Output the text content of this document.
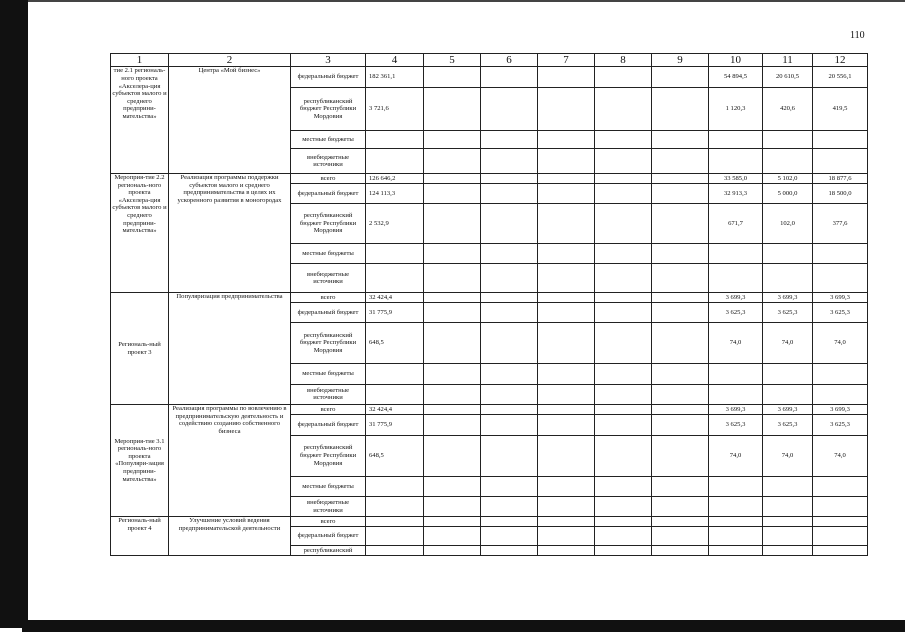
110
1	2	3	4	5	6	7	8	9	10	11	12
тие 2.1 региональ-ного проекта «Акселера-ция субъектов малого и среднего предприни-мательства»	Центра «Мой бизнес»	федеральный бюджет	182 361,1						54 894,5	20 610,5	20 556,1
		республиканский бюджет Республики Мордовия	3 721,6						1 120,3	420,6	419,5
		местные бюджеты									
		внебюджетные источники									
Мероприя-тие 2.2 региональ-ного проекта «Акселера-ция субъектов малого и среднего предприни-мательства»	Реализация программы поддержки субъектов малого и среднего предпринимательства в целях их ускоренного развития в моногородах	всего	126 646,2						33 585,0	5 102,0	18 877,6
		федеральный бюджет	124 113,3						32 913,3	5 000,0	18 500,0
		республиканский бюджет Республики Мордовия	2 532,9						671,7	102,0	377,6
		местные бюджеты									
		внебюджетные источники									
Региональ-ный проект 3	Популяризация предпринимательства	всего	32 424,4						3 699,3	3 699,3	3 699,3
		федеральный бюджет	31 775,9						3 625,3	3 625,3	3 625,3
		республиканский бюджет Республики Мордовия	648,5						74,0	74,0	74,0
		местные бюджеты									
		внебюджетные источники									
Мероприя-тие 3.1 региональ-ного проекта «Популяри-зация предприни-мательства»	Реализация программы по вовлечению в предпринимательскую деятельность и содействию созданию собственного бизнеса	всего	32 424,4						3 699,3	3 699,3	3 699,3
		федеральный бюджет	31 775,9						3 625,3	3 625,3	3 625,3
		республиканский бюджет Республики Мордовия	648,5						74,0	74,0	74,0
		местные бюджеты									
		внебюджетные источники									
Региональ-ный проект 4	Улучшение условий ведения предпринимательской деятельности	всего									
		федеральный бюджет									
		республиканский									
